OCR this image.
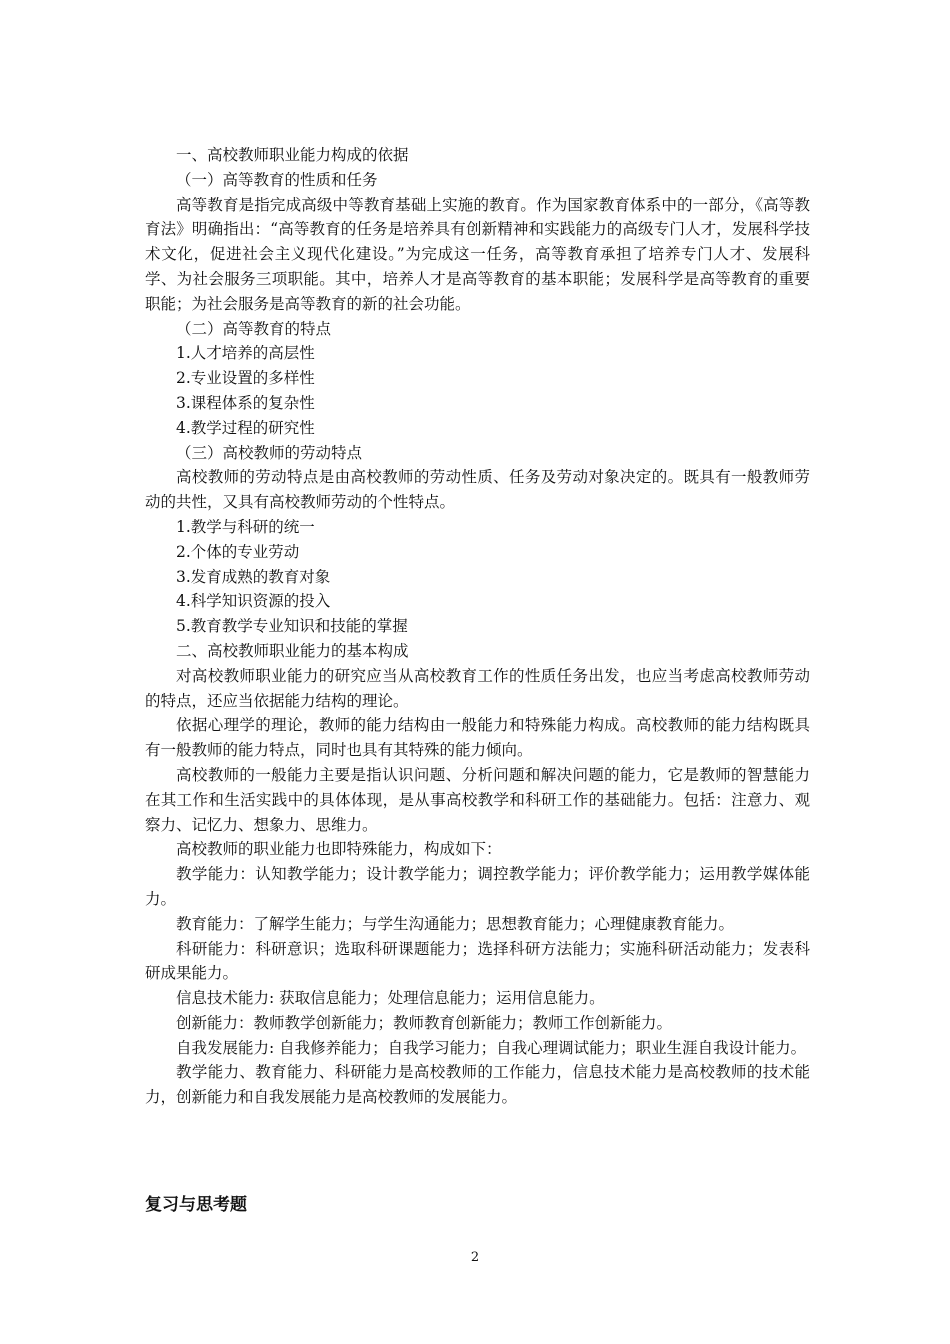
一、高校教师职业能力构成的依据

（一）高等教育的性质和任务

高等教育是指完成高级中等教育基础上实施的教育。作为国家教育体系中的一部分，《高等教育法》明确指出：“高等教育的任务是培养具有创新精神和实践能力的高级专门人才，发展科学技术文化，促进社会主义现代化建设。”为完成这一任务，高等教育承担了培养专门人才、发展科学、为社会服务三项职能。其中，培养人才是高等教育的基本职能；发展科学是高等教育的重要职能；为社会服务是高等教育的新的社会功能。

（二）高等教育的特点

1.人才培养的高层性

2.专业设置的多样性

3.课程体系的复杂性

4.教学过程的研究性

（三）高校教师的劳动特点

高校教师的劳动特点是由高校教师的劳动性质、任务及劳动对象决定的。既具有一般教师劳动的共性，又具有高校教师劳动的个性特点。

1.教学与科研的统一

2.个体的专业劳动

3.发育成熟的教育对象

4.科学知识资源的投入

5.教育教学专业知识和技能的掌握

二、高校教师职业能力的基本构成

对高校教师职业能力的研究应当从高校教育工作的性质任务出发，也应当考虑高校教师劳动的特点，还应当依据能力结构的理论。

依据心理学的理论，教师的能力结构由一般能力和特殊能力构成。高校教师的能力结构既具有一般教师的能力特点，同时也具有其特殊的能力倾向。

高校教师的一般能力主要是指认识问题、分析问题和解决问题的能力，它是教师的智慧能力在其工作和生活实践中的具体体现，是从事高校教学和科研工作的基础能力。包括：注意力、观察力、记忆力、想象力、思维力。

高校教师的职业能力也即特殊能力，构成如下：

教学能力：认知教学能力；设计教学能力；调控教学能力；评价教学能力；运用教学媒体能力。

教育能力：了解学生能力；与学生沟通能力；思想教育能力；心理健康教育能力。

科研能力：科研意识；选取科研课题能力；选择科研方法能力；实施科研活动能力；发表科研成果能力。

信息技术能力: 获取信息能力；处理信息能力；运用信息能力。

创新能力：教师教学创新能力；教师教育创新能力；教师工作创新能力。

自我发展能力: 自我修养能力；自我学习能力；自我心理调试能力；职业生涯自我设计能力。

教学能力、教育能力、科研能力是高校教师的工作能力，信息技术能力是高校教师的技术能力，创新能力和自我发展能力是高校教师的发展能力。

复习与思考题
2
